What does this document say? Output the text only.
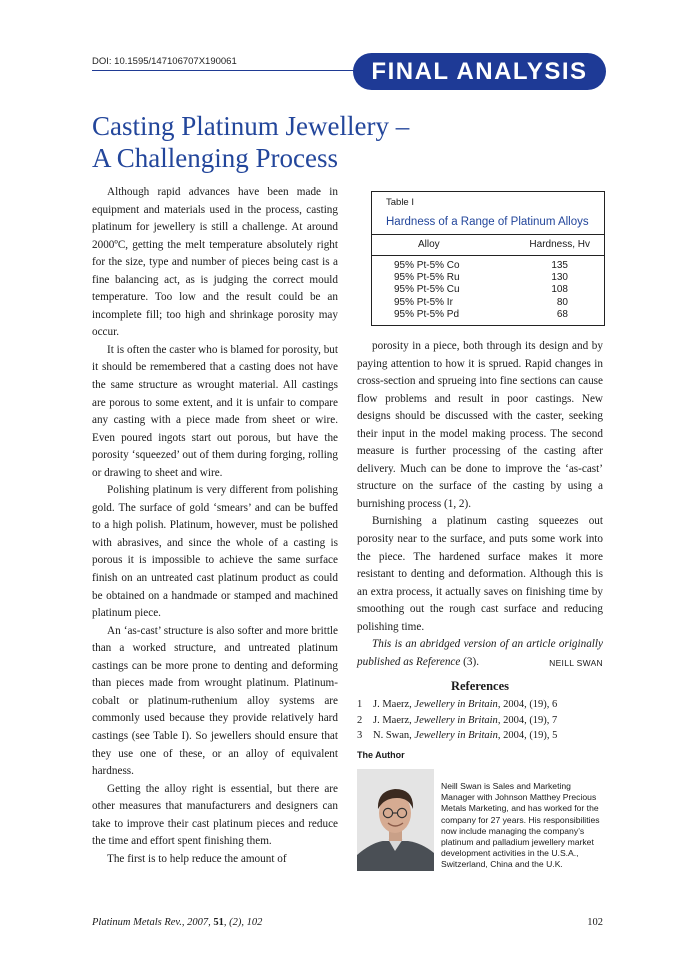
DOI: 10.1595/147106707X190061	FINAL ANALYSIS
Casting Platinum Jewellery –
A Challenging Process

Although rapid advances have been made in equipment and materials used in the process, casting platinum for jewellery is still a challenge. At around 2000ºC, getting the melt temperature absolutely right for the size, type and number of pieces being cast is a fine balancing act, as is judging the correct mould temperature. Too low and the result could be an incomplete fill; too high and shrinkage porosity may occur.

It is often the caster who is blamed for porosity, but it should be remembered that a casting does not have the same structure as wrought material. All castings are porous to some extent, and it is unfair to compare any casting with a piece made from sheet or wire. Even poured ingots start out porous, but have the porosity ‘squeezed’ out of them during forging, rolling or drawing to sheet and wire.

Polishing platinum is very different from polishing gold. The surface of gold ‘smears’ and can be buffed to a high polish. Platinum, however, must be polished with abrasives, and since the whole of a casting is porous it is impossible to achieve the same surface finish on an untreated cast platinum product as could be obtained on a handmade or stamped and machined platinum piece.

An ‘as-cast’ structure is also softer and more brittle than a worked structure, and untreated platinum castings can be more prone to denting and deforming than pieces made from wrought platinum. Platinum-cobalt or platinum-ruthenium alloy systems are commonly used because they provide relatively hard castings (see Table I). So jewellers should ensure that they use one of these, or an alloy of equivalent hardness.

Getting the alloy right is essential, but there are other measures that manufacturers and designers can take to improve their cast platinum pieces and reduce the time and effort spent finishing them.

The first is to help reduce the amount of

Table I
Hardness of a Range of Platinum Alloys
Alloy	Hardness, Hv
95% Pt-5% Co	135
95% Pt-5% Ru	130
95% Pt-5% Cu	108
95% Pt-5% Ir	80
95% Pt-5% Pd	68

porosity in a piece, both through its design and by paying attention to how it is sprued. Rapid changes in cross-section and sprueing into fine sections can cause flow problems and result in poor castings. New designs should be discussed with the caster, seeking their input in the model making process. The second measure is further processing of the casting after delivery. Much can be done to improve the ‘as-cast’ structure on the surface of the casting by using a burnishing process (1, 2).

Burnishing a platinum casting squeezes out porosity near to the surface, and puts some work into the piece. The hardened surface makes it more resistant to denting and deformation. Although this is an extra process, it actually saves on finishing time by smoothing out the rough cast surface and reducing polishing time.

This is an abridged version of an article originally published as Reference (3).	NEILL SWAN
References
1 J. Maerz, Jewellery in Britain, 2004, (19), 6
2 J. Maerz, Jewellery in Britain, 2004, (19), 7
3 N. Swan, Jewellery in Britain, 2004, (19), 5
The Author
Neill Swan is Sales and Marketing Manager with Johnson Matthey Precious Metals Marketing, and has worked for the company for 27 years. His responsibilities now include managing the company’s platinum and palladium jewellery market development activities in the U.S.A., Switzerland, China and the U.K.
Platinum Metals Rev., 2007, 51, (2), 102	102
